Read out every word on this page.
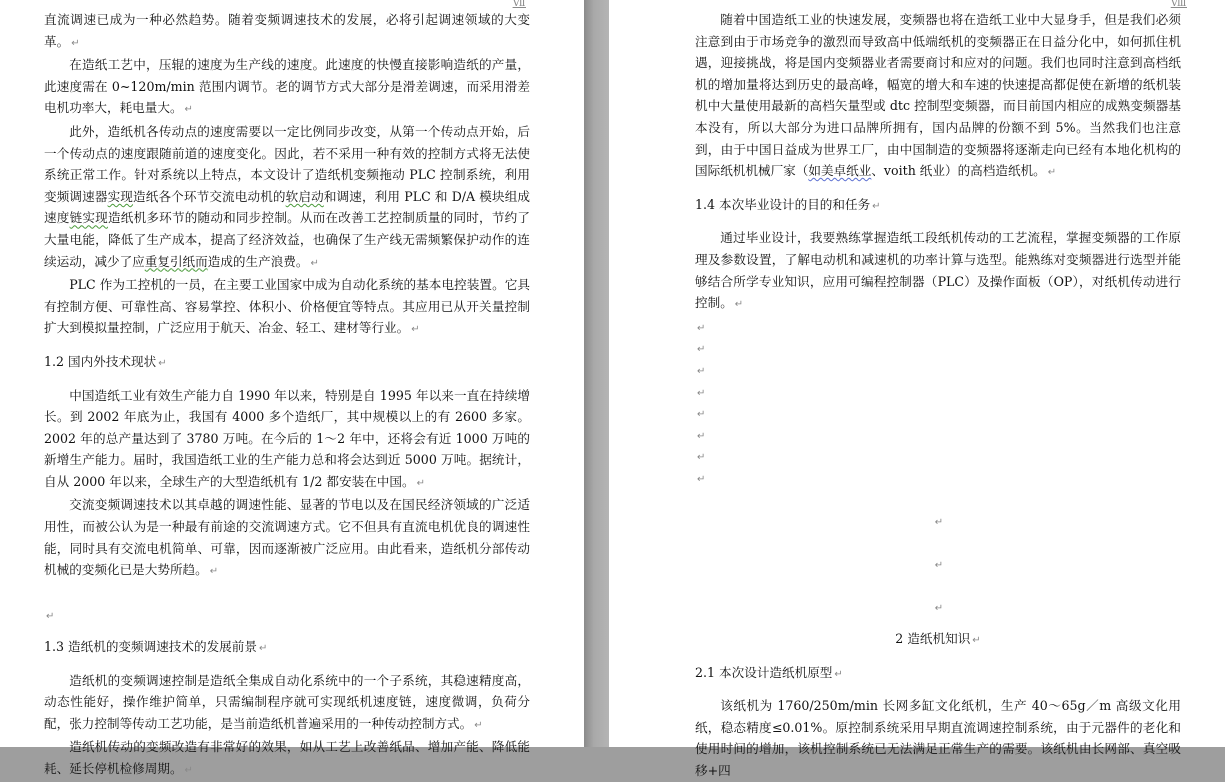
Ⅶ

直流调速已成为一种必然趋势。随着变频调速技术的发展，必将引起调速领域的大变革。 ↵

在造纸工艺中，压辊的速度为生产线的速度。此速度的快慢直接影响造纸的产量，此速度需在 0~120m/min 范围内调节。老的调节方式大部分是滑差调速，而采用滑差电机功率大，耗电量大。 ↵

此外，造纸机各传动点的速度需要以一定比例同步改变，从第一个传动点开始，后一个传动点的速度跟随前道的速度变化。因此，若不采用一种有效的控制方式将无法使系统正常工作。针对系统以上特点，本文设计了造纸机变频拖动 PLC 控制系统，利用变频调速器实现造纸各个环节交流电动机的软启动和调速，利用 PLC 和 D/A 模块组成速度链实现造纸机多环节的随动和同步控制。从而在改善工艺控制质量的同时，节约了大量电能，降低了生产成本，提高了经济效益，也确保了生产线无需频繁保护动作的连续运动，减少了应重复引纸而造成的生产浪费。 ↵

PLC 作为工控机的一员，在主要工业国家中成为自动化系统的基本电控装置。它具有控制方便、可靠性高、容易掌控、体积小、价格便宜等特点。其应用已从开关量控制扩大到模拟量控制，广泛应用于航天、冶金、轻工、建材等行业。 ↵

1.2 国内外技术现状 ↵

中国造纸工业有效生产能力自 1990 年以来，特别是自 1995 年以来一直在持续增长。到 2002 年底为止，我国有 4000 多个造纸厂，其中规模以上的有 2600 多家。2002 年的总产量达到了 3780 万吨。在今后的 1～2 年中，还将会有近 1000 万吨的新增生产能力。届时，我国造纸工业的生产能力总和将会达到近 5000 万吨。据统计，自从 2000 年以来，全球生产的大型造纸机有 1/2 都安装在中国。 ↵

交流变频调速技术以其卓越的调速性能、显著的节电以及在国民经济领域的广泛适用性，而被公认为是一种最有前途的交流调速方式。它不但具有直流电机优良的调速性能，同时具有交流电机简单、可靠，因而逐渐被广泛应用。由此看来，造纸机分部传动机械的变频化已是大势所趋。 ↵

↵

1.3 造纸机的变频调速技术的发展前景 ↵

造纸机的变频调速控制是造纸全集成自动化系统中的一个子系统，其稳速精度高，动态性能好，操作维护简单，只需编制程序就可实现纸机速度链，速度微调，负荷分配，张力控制等传动工艺功能，是当前造纸机普遍采用的一种传动控制方式。 ↵

造纸机传动的变频改造有非常好的效果，如从工艺上改善纸品、增加产能、降低能耗、延长停机检修周期。 ↵

Ⅷ

随着中国造纸工业的快速发展，变频器也将在造纸工业中大显身手，但是我们必须注意到由于市场竞争的激烈而导致高中低端纸机的变频器正在日益分化中，如何抓住机遇，迎接挑战，将是国内变频器业者需要商讨和应对的问题。我们也同时注意到高档纸机的增加量将达到历史的最高峰，幅宽的增大和车速的快速提高都促使在新增的纸机装机中大量使用最新的高档矢量型或 dtc 控制型变频器，而目前国内相应的成熟变频器基本没有，所以大部分为进口品牌所拥有，国内品牌的份额不到 5%。当然我们也注意到，由于中国日益成为世界工厂，由中国制造的变频器将逐渐走向已经有本地化机构的国际纸机机械厂家（如美卓纸业、voith 纸业）的高档造纸机。 ↵

1.4 本次毕业设计的目的和任务 ↵

通过毕业设计，我要熟练掌握造纸工段纸机传动的工艺流程，掌握变频器的工作原理及参数设置，了解电动机和减速机的功率计算与选型。能熟练对变频器进行选型并能够结合所学专业知识，应用可编程控制器（PLC）及操作面板（OP），对纸机传动进行控制。 ↵

↵

↵

↵

↵

↵

↵

↵

↵

↵

↵

↵

2 造纸机知识 ↵

2.1 本次设计造纸机原型 ↵

该纸机为 1760/250m/min 长网多缸文化纸机，生产 40～65g／m 高级文化用纸，稳态精度≤0.01%。原控制系统采用早期直流调速控制系统，由于元器件的老化和使用时间的增加，该机控制系统已无法满足正常生产的需要。该纸机由长网部、真空吸移+四
